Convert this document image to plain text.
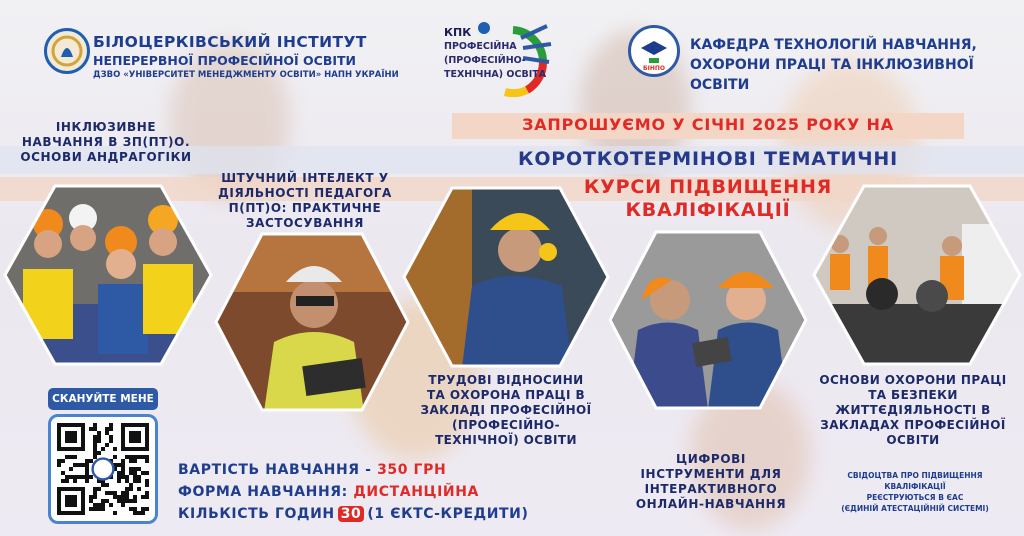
БІЛОЦЕРКІВСЬКИЙ ІНСТИТУТ
НЕПЕРЕРВНОЇ ПРОФЕСІЙНОЇ ОСВІТИ
ДЗВО «УНІВЕРСИТЕТ МЕНЕДЖМЕНТУ ОСВІТИ» НАПН УКРАЇНИ
КПК
ПРОФЕСІЙНА
(ПРОФЕСІЙНО-
ТЕХНІЧНА) ОСВІТА
БІНПО
КАФЕДРА ТЕХНОЛОГІЙ НАВЧАННЯ,
ОХОРОНИ ПРАЦІ ТА ІНКЛЮЗИВНОЇ ОСВІТИ
ЗАПРОШУЄМО У СІЧНІ 2025 РОКУ НА
КОРОТКОТЕРМІНОВІ ТЕМАТИЧНІ
КУРСИ ПІДВИЩЕННЯ
КВАЛІФІКАЦІЇ
ІНКЛЮЗИВНЕ
НАВЧАННЯ В ЗП(ПТ)О.
ОСНОВИ АНДРАГОГІКИ
ШТУЧНИЙ ІНТЕЛЕКТ У
ДІЯЛЬНОСТІ ПЕДАГОГА
П(ПТ)О: ПРАКТИЧНЕ
ЗАСТОСУВАННЯ
ТРУДОВІ ВІДНОСИНИ
ТА ОХОРОНА ПРАЦІ В
ЗАКЛАДІ ПРОФЕСІЙНОЇ
(ПРОФЕСІЙНО-
ТЕХНІЧНОЇ) ОСВІТИ
ЦИФРОВІ
ІНСТРУМЕНТИ ДЛЯ
ІНТЕРАКТИВНОГО
ОНЛАЙН-НАВЧАННЯ
ОСНОВИ ОХОРОНИ ПРАЦІ
ТА БЕЗПЕКИ
ЖИТТЄДІЯЛЬНОСТІ В
ЗАКЛАДАХ ПРОФЕСІЙНОЇ
ОСВІТИ
СВІДОЦТВА ПРО ПІДВИЩЕННЯ КВАЛІФІКАЦІЇ
РЕЄСТРУЮТЬСЯ В ЄАС
(ЄДИНІЙ АТЕСТАЦІЙНІЙ СИСТЕМІ)
СКАНУЙТЕ МЕНЕ
ВАРТІСТЬ НАВЧАННЯ - 350 ГРН
ФОРМА НАВЧАННЯ: ДИСТАНЦІЙНА
КІЛЬКІСТЬ ГОДИН 30 (1 ЄКТС-КРЕДИТИ)
